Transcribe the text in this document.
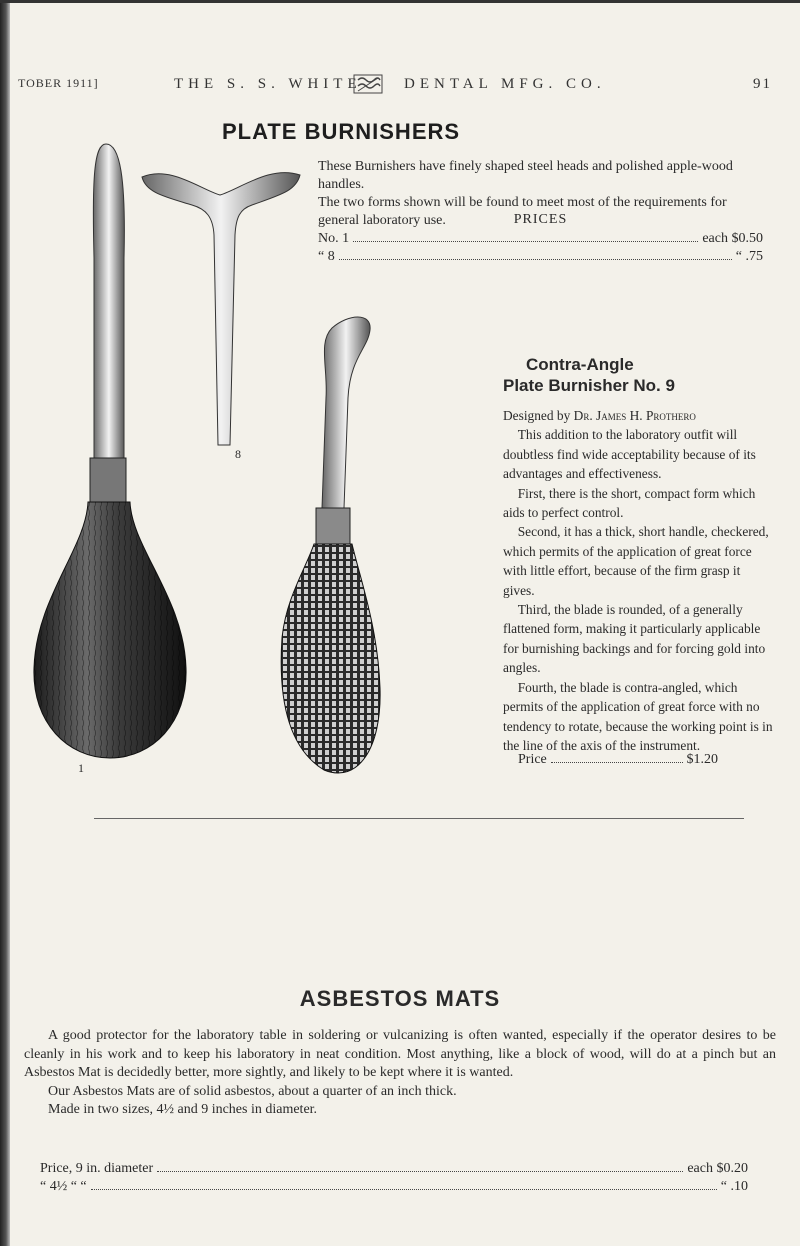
TOBER 1911]	THE S. S. WHITE	DENTAL MFG. CO.	91
PLATE BURNISHERS

These Burnishers have finely shaped steel heads and polished apple-wood handles.

The two forms shown will be found to meet most of the requirements for general laboratory use.	PRICES
No. 1	each $0.50
“ 8	“ .75
1
8
Contra-Angle
Plate Burnisher No. 9

Designed by Dr. James H. Prothero

This addition to the laboratory outfit will doubtless find wide acceptability because of its advantages and effectiveness.

First, there is the short, compact form which aids to perfect control.

Second, it has a thick, short handle, checkered, which permits of the application of great force with little effort, because of the firm grasp it gives.

Third, the blade is rounded, of a generally flattened form, making it particularly applicable for burnishing backings and for forcing gold into angles.

Fourth, the blade is contra-angled, which permits of the application of great force with no tendency to rotate, because the working point is in the line of the axis of the instrument.

Price	$1.20
ASBESTOS MATS

A good protector for the laboratory table in soldering or vulcanizing is often wanted, especially if the operator desires to be cleanly in his work and to keep his laboratory in neat condition. Most anything, like a block of wood, will do at a pinch but an Asbestos Mat is decidedly better, more sightly, and likely to be kept where it is wanted.

Our Asbestos Mats are of solid asbestos, about a quarter of an inch thick.

Made in two sizes, 4½ and 9 inches in diameter.

Price, 9 in. diameter	each $0.20
“ 4½ “ “	“ .10
